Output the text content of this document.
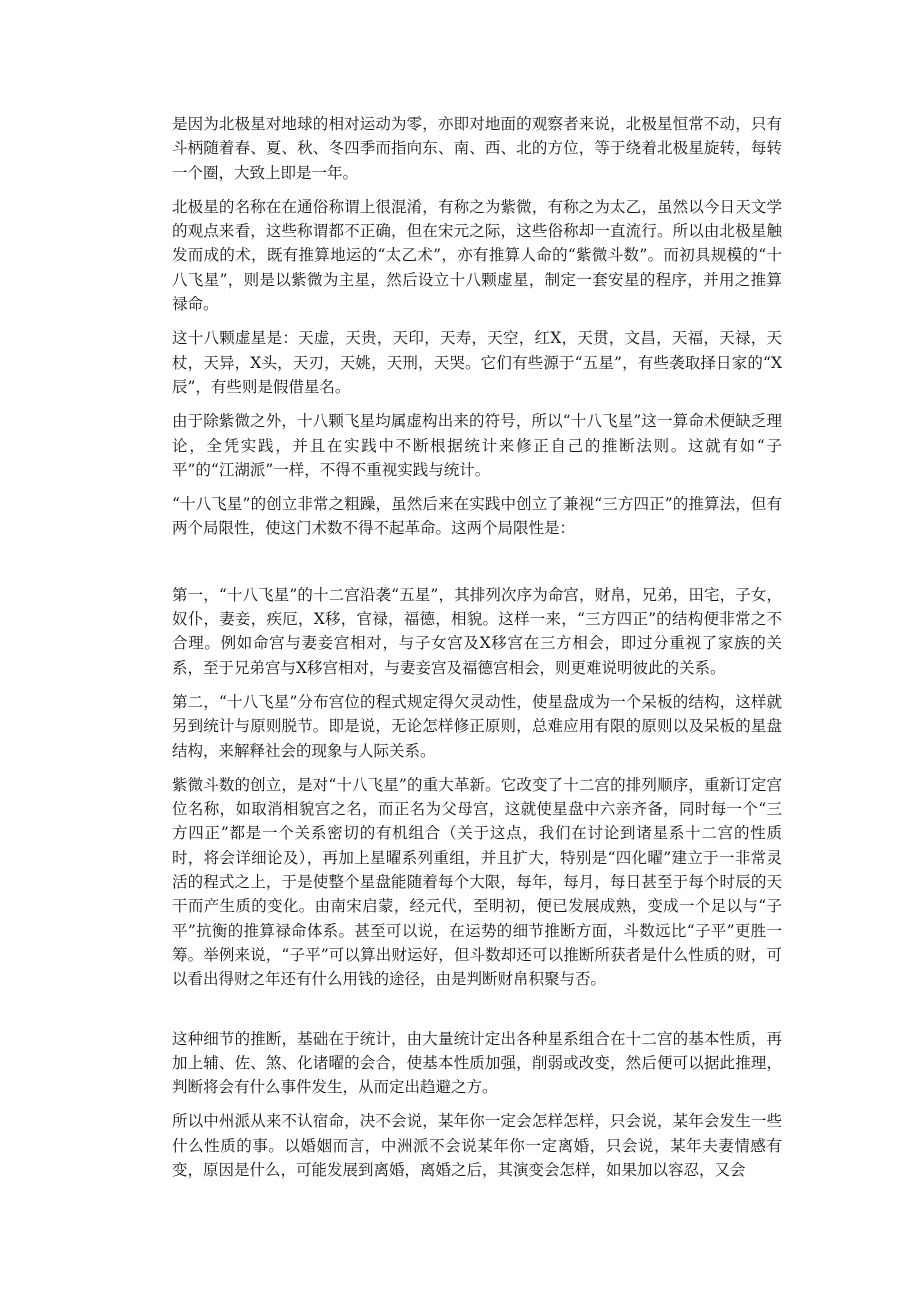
是因为北极星对地球的相对运动为零，亦即对地面的观察者来说，北极星恒常不动，只有斗柄随着春、夏、秋、冬四季而指向东、南、西、北的方位，等于绕着北极星旋转，每转一个圈，大致上即是一年。

北极星的名称在在通俗称谓上很混淆，有称之为紫微，有称之为太乙，虽然以今日天文学的观点来看，这些称谓都不正确，但在宋元之际，这些俗称却一直流行。所以由北极星触发而成的术，既有推算地运的“太乙术”，亦有推算人命的“紫微斗数”。而初具规模的“十八飞星”，则是以紫微为主星，然后设立十八颗虚星，制定一套安星的程序，并用之推算禄命。

这十八颗虚星是：天虚，天贵，天印，天寿，天空，红X，天贯，文昌，天福，天禄，天杖，天异，X头，天刃，天姚，天刑，天哭。它们有些源于“五星”，有些袭取择日家的“X辰”，有些则是假借星名。

由于除紫微之外，十八颗飞星均属虚构出来的符号，所以“十八飞星”这一算命术便缺乏理论，全凭实践，并且在实践中不断根据统计来修正自己的推断法则。这就有如“子平”的“江湖派”一样，不得不重视实践与统计。

“十八飞星”的创立非常之粗躁，虽然后来在实践中创立了兼视“三方四正”的推算法，但有两个局限性，使这门术数不得不起革命。这两个局限性是：

第一，“十八飞星”的十二宫沿袭“五星”，其排列次序为命宫，财帛，兄弟，田宅，子女，奴仆，妻妾，疾厄，X移，官禄，福德，相貌。这样一来，“三方四正”的结构便非常之不合理。例如命宫与妻妾宫相对，与子女宫及X移宫在三方相会，即过分重视了家族的关系，至于兄弟宫与X移宫相对，与妻妾宫及福德宫相会，则更难说明彼此的关系。

第二，“十八飞星”分布宫位的程式规定得欠灵动性，使星盘成为一个呆板的结构，这样就另到统计与原则脱节。即是说，无论怎样修正原则，总难应用有限的原则以及呆板的星盘结构，来解释社会的现象与人际关系。

紫微斗数的创立，是对“十八飞星”的重大革新。它改变了十二宫的排列顺序，重新订定宫位名称，如取消相貌宫之名，而正名为父母宫，这就使星盘中六亲齐备，同时每一个“三方四正”都是一个关系密切的有机组合（关于这点，我们在讨论到诸星系十二宫的性质时，将会详细论及），再加上星曜系列重组，并且扩大，特别是“四化曜”建立于一非常灵活的程式之上，于是使整个星盘能随着每个大限，每年，每月，每日甚至于每个时辰的天干而产生质的变化。由南宋启蒙，经元代，至明初，便已发展成熟，变成一个足以与“子平”抗衡的推算禄命体系。甚至可以说，在运势的细节推断方面，斗数远比“子平”更胜一筹。举例来说，“子平”可以算出财运好，但斗数却还可以推断所获者是什么性质的财，可以看出得财之年还有什么用钱的途径，由是判断财帛积聚与否。

这种细节的推断，基础在于统计，由大量统计定出各种星系组合在十二宫的基本性质，再加上辅、佐、煞、化诸曜的会合，使基本性质加强，削弱或改变，然后便可以据此推理，判断将会有什么事件发生，从而定出趋避之方。

所以中州派从来不认宿命，决不会说，某年你一定会怎样怎样，只会说，某年会发生一些什么性质的事。以婚姻而言，中洲派不会说某年你一定离婚，只会说，某年夫妻情感有变，原因是什么，可能发展到离婚，离婚之后，其演变会怎样，如果加以容忍，又会
